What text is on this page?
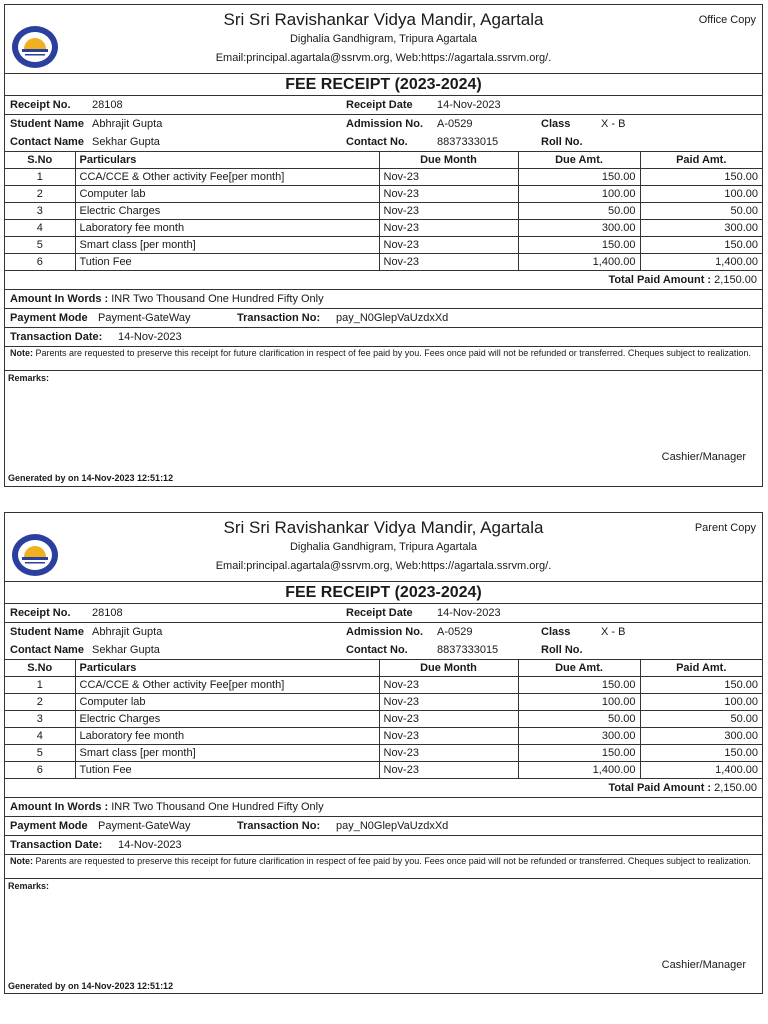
Sri Sri Ravishankar Vidya Mandir, Agartala
Dighalia Gandhigram, Tripura Agartala
Email:principal.agartala@ssrvm.org, Web:https://agartala.ssrvm.org/.
Office Copy
FEE RECEIPT (2023-2024)
Receipt No. 28108	Receipt Date 14-Nov-2023
Student Name Abhrajit Gupta	Admission No. A-0529	Class	X - B
Contact Name Sekhar Gupta	Contact No.	8837333015	Roll No.
S.No	Particulars	Due Month	Due Amt.	Paid Amt.
1	CCA/CCE & Other activity Fee[per month]	Nov-23	150.00	150.00
2	Computer lab	Nov-23	100.00	100.00
3	Electric Charges	Nov-23	50.00	50.00
4	Laboratory fee month	Nov-23	300.00	300.00
5	Smart class [per month]	Nov-23	150.00	150.00
6	Tution Fee	Nov-23	1,400.00	1,400.00
Total Paid Amount : 2,150.00
Amount In Words : INR Two Thousand One Hundred Fifty Only
Payment Mode Payment-GateWay	Transaction No: pay_N0GlepVaUzdxXd
Transaction Date: 14-Nov-2023
Note: Parents are requested to preserve this receipt for future clarification in respect of fee paid by you. Fees once paid will not be refunded or transferred. Cheques subject to realization.
Remarks:
Cashier/Manager
Generated by on 14-Nov-2023 12:51:12
Sri Sri Ravishankar Vidya Mandir, Agartala
Dighalia Gandhigram, Tripura Agartala
Email:principal.agartala@ssrvm.org, Web:https://agartala.ssrvm.org/.
Parent Copy
FEE RECEIPT (2023-2024)
Receipt No. 28108	Receipt Date 14-Nov-2023
Student Name Abhrajit Gupta	Admission No. A-0529	Class	X - B
Contact Name Sekhar Gupta	Contact No.	8837333015	Roll No.
S.No	Particulars	Due Month	Due Amt.	Paid Amt.
1	CCA/CCE & Other activity Fee[per month]	Nov-23	150.00	150.00
2	Computer lab	Nov-23	100.00	100.00
3	Electric Charges	Nov-23	50.00	50.00
4	Laboratory fee month	Nov-23	300.00	300.00
5	Smart class [per month]	Nov-23	150.00	150.00
6	Tution Fee	Nov-23	1,400.00	1,400.00
Total Paid Amount : 2,150.00
Amount In Words : INR Two Thousand One Hundred Fifty Only
Payment Mode Payment-GateWay	Transaction No: pay_N0GlepVaUzdxXd
Transaction Date: 14-Nov-2023
Note: Parents are requested to preserve this receipt for future clarification in respect of fee paid by you. Fees once paid will not be refunded or transferred. Cheques subject to realization.
Remarks:
Cashier/Manager
Generated by on 14-Nov-2023 12:51:12
